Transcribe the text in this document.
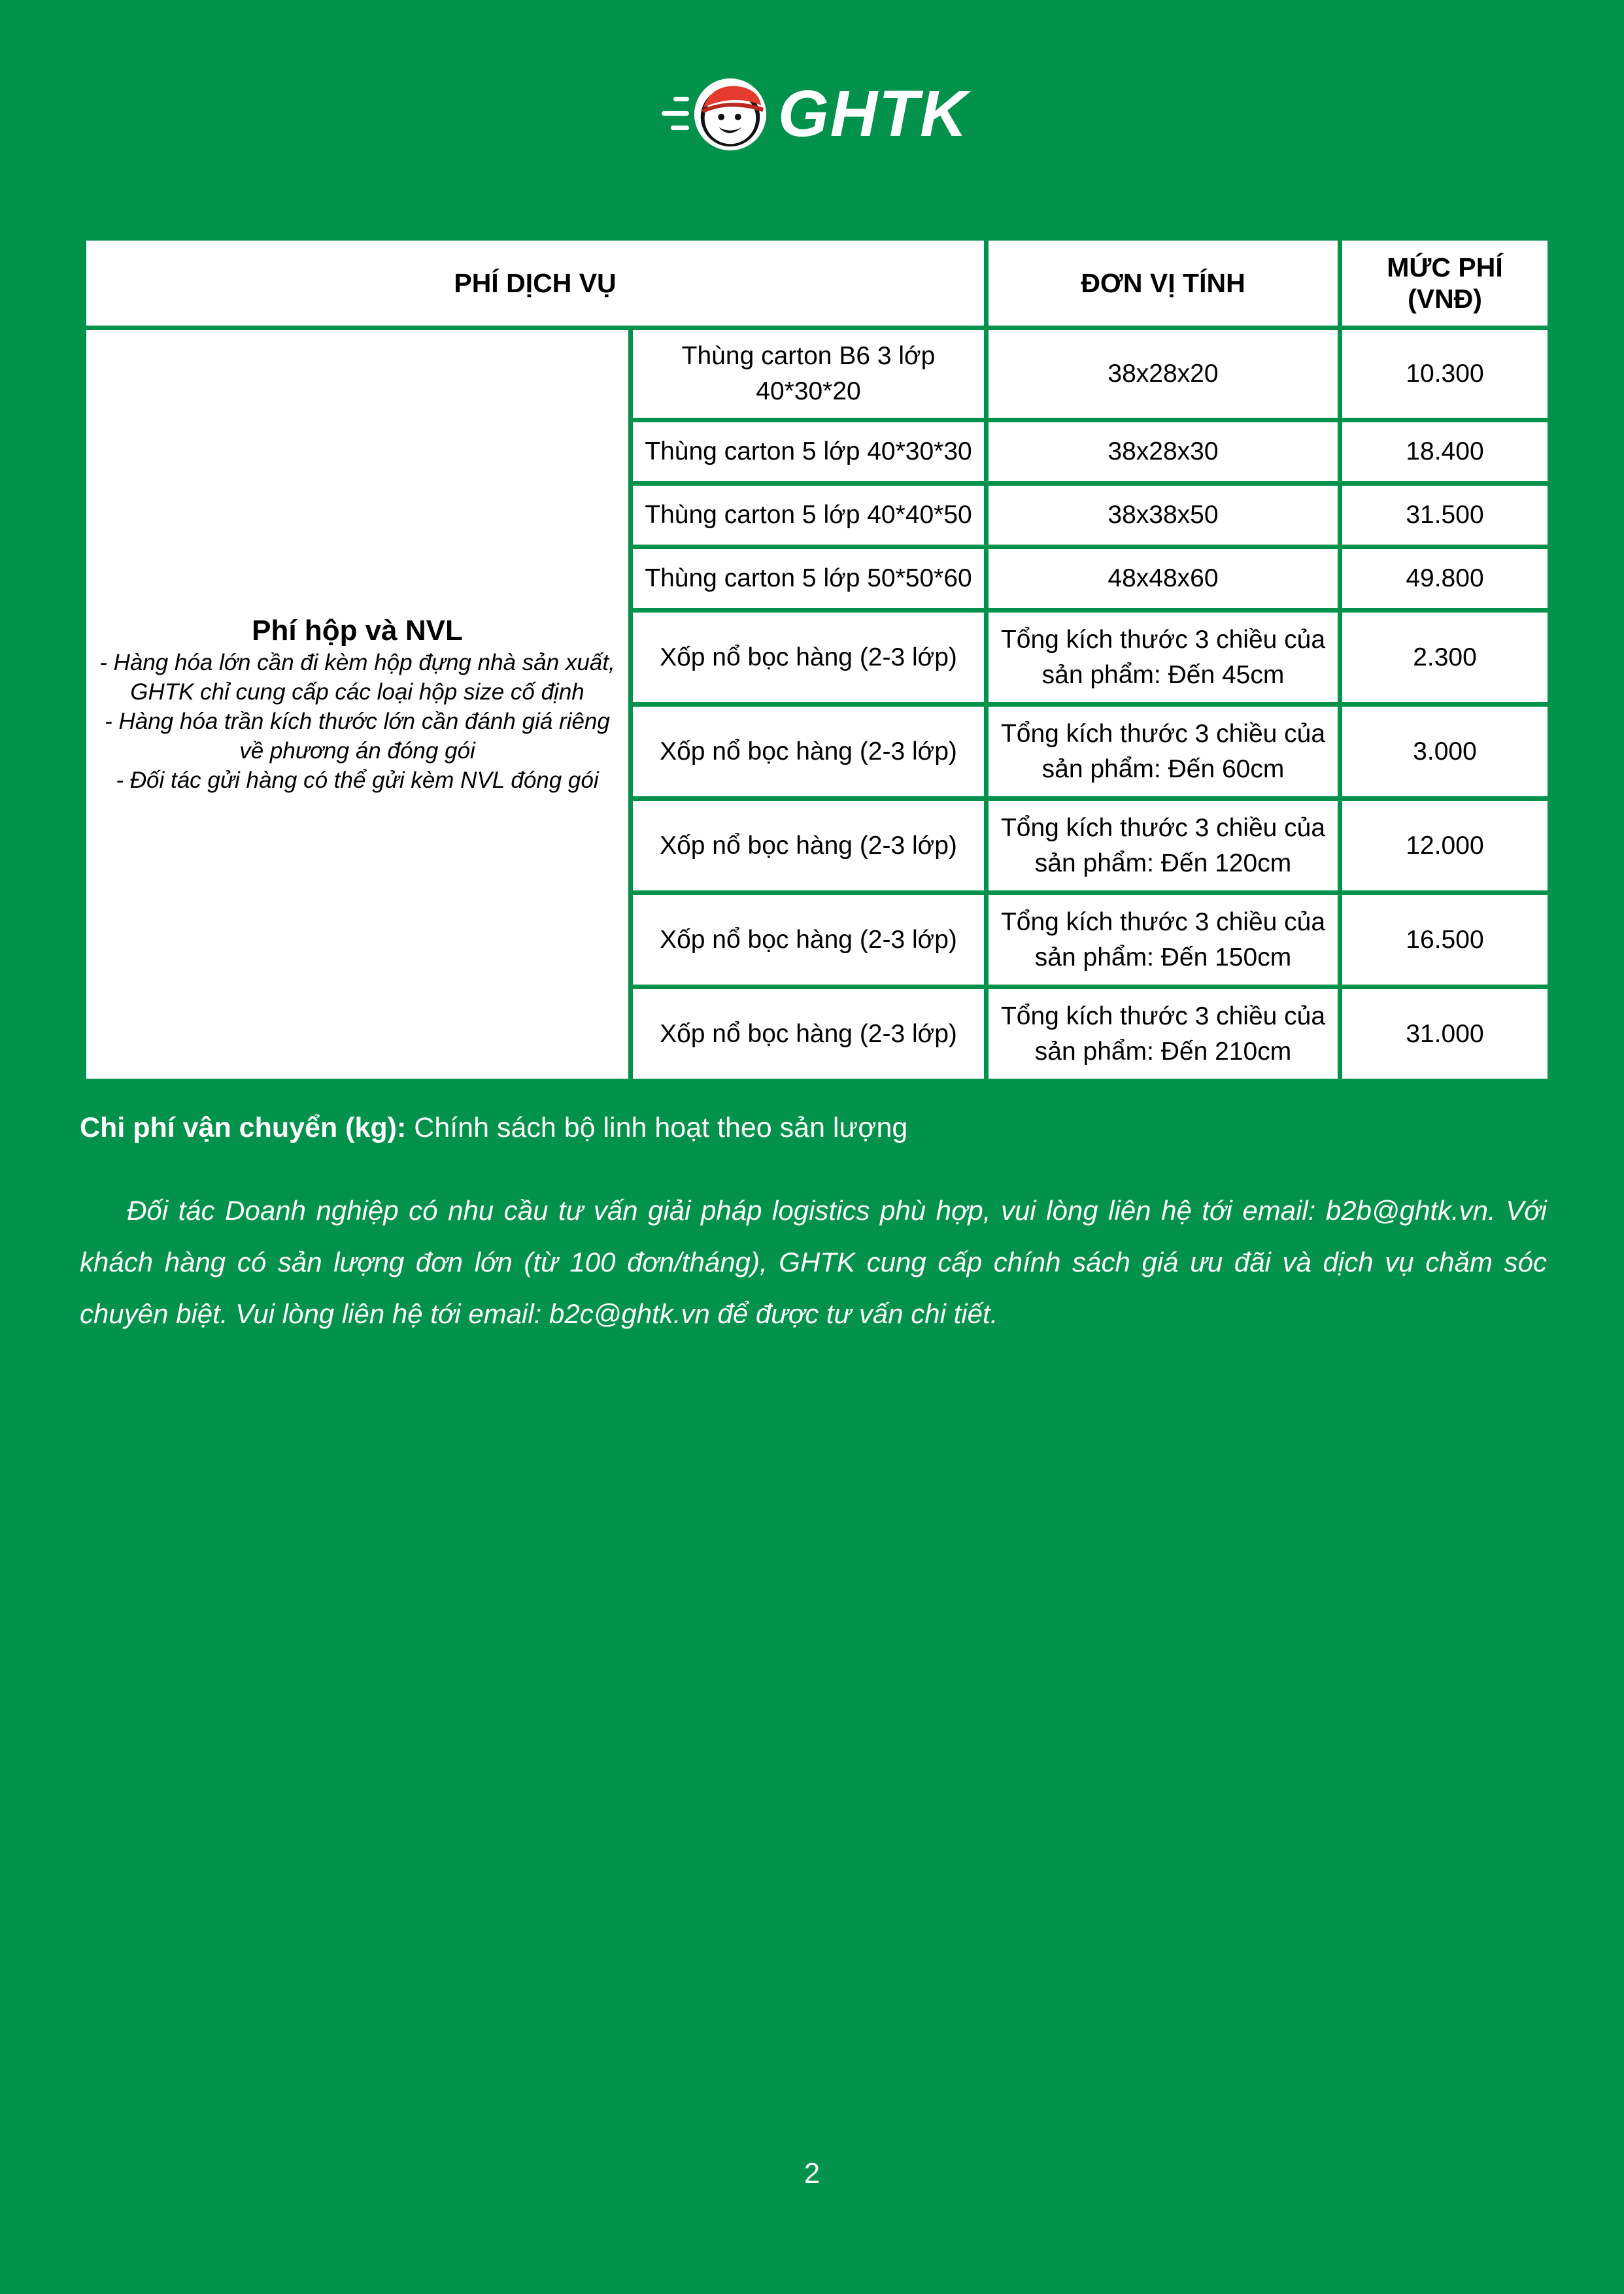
GHTK
PHÍ DỊCH VỤ		ĐƠN VỊ TÍNH	MỨC PHÍ
(VNĐ)

Phí hộp và NVL
- Hàng hóa lớn cần đi kèm hộp đựng nhà sản xuất, GHTK chỉ cung cấp các loại hộp size cố định
- Hàng hóa trần kích thước lớn cần đánh giá riêng về phương án đóng gói
- Đối tác gửi hàng có thể gửi kèm NVL đóng gói	Thùng carton B6 3 lớp
40*30*20	38x28x20	10.300
	Thùng carton 5 lớp 40*30*30	38x28x30	18.400
	Thùng carton 5 lớp 40*40*50	38x38x50	31.500
	Thùng carton 5 lớp 50*50*60	48x48x60	49.800
	Xốp nổ bọc hàng (2-3 lớp)	Tổng kích thước 3 chiều của
sản phẩm: Đến 45cm	2.300
	Xốp nổ bọc hàng (2-3 lớp)	Tổng kích thước 3 chiều của
sản phẩm: Đến 60cm	3.000
	Xốp nổ bọc hàng (2-3 lớp)	Tổng kích thước 3 chiều của
sản phẩm: Đến 120cm	12.000
	Xốp nổ bọc hàng (2-3 lớp)	Tổng kích thước 3 chiều của
sản phẩm: Đến 150cm	16.500
	Xốp nổ bọc hàng (2-3 lớp)	Tổng kích thước 3 chiều của
sản phẩm: Đến 210cm	31.000
Chi phí vận chuyển (kg): Chính sách bộ linh hoạt theo sản lượng

Đối tác Doanh nghiệp có nhu cầu tư vấn giải pháp logistics phù hợp, vui lòng liên hệ tới email: b2b@ghtk.vn. Với khách hàng có sản lượng đơn lớn (từ 100 đơn/tháng), GHTK cung cấp chính sách giá ưu đãi và dịch vụ chăm sóc chuyên biệt. Vui lòng liên hệ tới email: b2c@ghtk.vn để được tư vấn chi tiết.

2
